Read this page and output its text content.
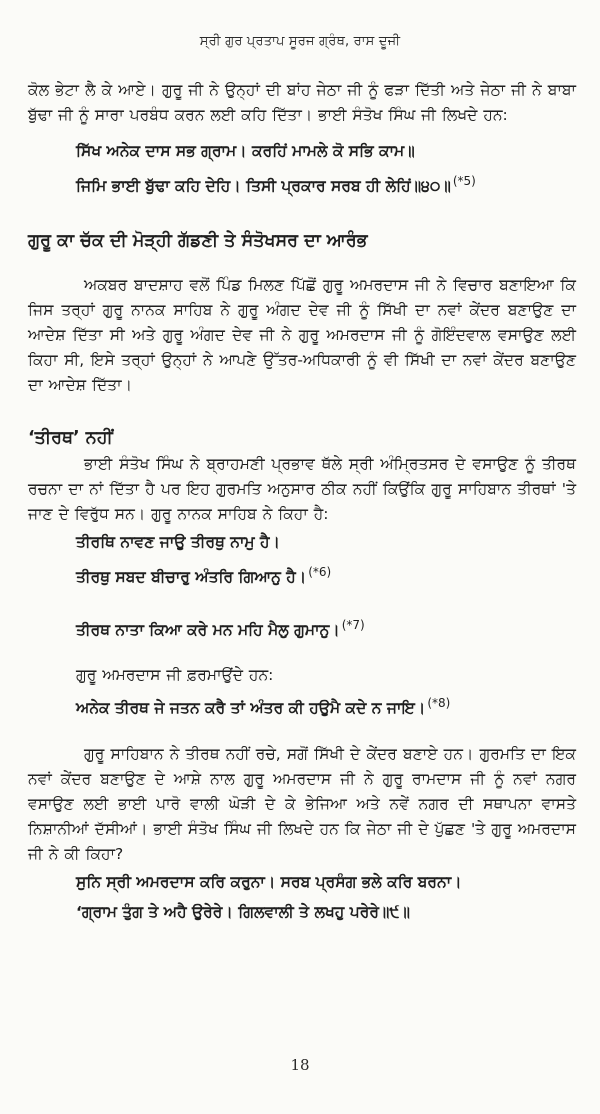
ਸ੍ਰੀ ਗੁਰ ਪ੍ਰਤਾਪ ਸੂਰਜ ਗ੍ਰੰਥ, ਰਾਸ ਦੂਜੀ

ਕੋਲ ਭੇਟਾ ਲੈ ਕੇ ਆਏ। ਗੁਰੂ ਜੀ ਨੇ ਉਨ੍ਹਾਂ ਦੀ ਬਾਂਹ ਜੇਠਾ ਜੀ ਨੂੰ ਫੜਾ ਦਿੱਤੀ ਅਤੇ ਜੇਠਾ ਜੀ ਨੇ ਬਾਬਾ ਬੁੱਢਾ ਜੀ ਨੂੰ ਸਾਰਾ ਪਰਬੰਧ ਕਰਨ ਲਈ ਕਹਿ ਦਿੱਤਾ। ਭਾਈ ਸੰਤੋਖ ਸਿੰਘ ਜੀ ਲਿਖਦੇ ਹਨ:

ਸਿੱਖ ਅਨੇਕ ਦਾਸ ਸਭ ਗ੍ਰਾਮ। ਕਰਹਿਂ ਮਾਮਲੇ ਕੋ ਸਭਿ ਕਾਮ॥

ਜਿਮਿ ਭਾਈ ਬੁੱਢਾ ਕਹਿ ਦੇਹਿ। ਤਿਸੀ ਪ੍ਰਕਾਰ ਸਰਬ ਹੀ ਲੇਹਿਂ॥੪੦॥ $^{(*5)}$

ਗੁਰੂ ਕਾ ਚੱਕ ਦੀ ਮੋੜ੍ਹੀ ਗੱਡਣੀ ਤੇ ਸੰਤੋਖਸਰ ਦਾ ਆਰੰਭ

ਅਕਬਰ ਬਾਦਸ਼ਾਹ ਵਲੋਂ ਪਿੰਡ ਮਿਲਣ ਪਿੱਛੋਂ ਗੁਰੂ ਅਮਰਦਾਸ ਜੀ ਨੇ ਵਿਚਾਰ ਬਣਾਇਆ ਕਿ ਜਿਸ ਤਰ੍ਹਾਂ ਗੁਰੂ ਨਾਨਕ ਸਾਹਿਬ ਨੇ ਗੁਰੂ ਅੰਗਦ ਦੇਵ ਜੀ ਨੂੰ ਸਿੱਖੀ ਦਾ ਨਵਾਂ ਕੇਂਦਰ ਬਣਾਉਣ ਦਾ ਆਦੇਸ਼ ਦਿੱਤਾ ਸੀ ਅਤੇ ਗੁਰੂ ਅੰਗਦ ਦੇਵ ਜੀ ਨੇ ਗੁਰੂ ਅਮਰਦਾਸ ਜੀ ਨੂੰ ਗੋਇੰਦਵਾਲ ਵਸਾਉਣ ਲਈ ਕਿਹਾ ਸੀ, ਇਸੇ ਤਰ੍ਹਾਂ ਉਨ੍ਹਾਂ ਨੇ ਆਪਣੇ ਉੱਤਰ-ਅਧਿਕਾਰੀ ਨੂੰ ਵੀ ਸਿੱਖੀ ਦਾ ਨਵਾਂ ਕੇਂਦਰ ਬਣਾਉਣ ਦਾ ਆਦੇਸ਼ ਦਿੱਤਾ।

‘ਤੀਰਥ’ ਨਹੀਂ

ਭਾਈ ਸੰਤੋਖ ਸਿੰਘ ਨੇ ਬ੍ਰਾਹਮਣੀ ਪ੍ਰਭਾਵ ਥੱਲੇ ਸ੍ਰੀ ਅੰਮ੍ਰਿਤਸਰ ਦੇ ਵਸਾਉਣ ਨੂੰ ਤੀਰਥ ਰਚਨਾ ਦਾ ਨਾਂ ਦਿੱਤਾ ਹੈ ਪਰ ਇਹ ਗੁਰਮਤਿ ਅਨੁਸਾਰ ਠੀਕ ਨਹੀਂ ਕਿਉਂਕਿ ਗੁਰੂ ਸਾਹਿਬਾਨ ਤੀਰਥਾਂ 'ਤੇ ਜਾਣ ਦੇ ਵਿਰੁੱਧ ਸਨ। ਗੁਰੂ ਨਾਨਕ ਸਾਹਿਬ ਨੇ ਕਿਹਾ ਹੈ:

ਤੀਰਥਿ ਨਾਵਣ ਜਾਉ ਤੀਰਥੁ ਨਾਮੁ ਹੈ।

ਤੀਰਥੁ ਸਬਦ ਬੀਚਾਰੁ ਅੰਤਰਿ ਗਿਆਨੁ ਹੈ। $^{(*6)}$

ਤੀਰਥ ਨਾਤਾ ਕਿਆ ਕਰੇ ਮਨ ਮਹਿ ਮੈਲੁ ਗੁਮਾਨੁ। $^{(*7)}$

ਗੁਰੂ ਅਮਰਦਾਸ ਜੀ ਫ਼ਰਮਾਉਂਦੇ ਹਨ:

ਅਨੇਕ ਤੀਰਥ ਜੇ ਜਤਨ ਕਰੈ ਤਾਂ ਅੰਤਰ ਕੀ ਹਉਮੈ ਕਦੇ ਨ ਜਾਇ। $^{(*8)}$

ਗੁਰੂ ਸਾਹਿਬਾਨ ਨੇ ਤੀਰਥ ਨਹੀਂ ਰਚੇ, ਸਗੋਂ ਸਿੱਖੀ ਦੇ ਕੇਂਦਰ ਬਣਾਏ ਹਨ। ਗੁਰਮਤਿ ਦਾ ਇਕ ਨਵਾਂ ਕੇਂਦਰ ਬਣਾਉਣ ਦੇ ਆਸ਼ੇ ਨਾਲ ਗੁਰੂ ਅਮਰਦਾਸ ਜੀ ਨੇ ਗੁਰੂ ਰਾਮਦਾਸ ਜੀ ਨੂੰ ਨਵਾਂ ਨਗਰ ਵਸਾਉਣ ਲਈ ਭਾਈ ਪਾਰੋ ਵਾਲੀ ਘੋੜੀ ਦੇ ਕੇ ਭੇਜਿਆ ਅਤੇ ਨਵੇਂ ਨਗਰ ਦੀ ਸਥਾਪਨਾ ਵਾਸਤੇ ਨਿਸ਼ਾਨੀਆਂ ਦੱਸੀਆਂ। ਭਾਈ ਸੰਤੋਖ ਸਿੰਘ ਜੀ ਲਿਖਦੇ ਹਨ ਕਿ ਜੇਠਾ ਜੀ ਦੇ ਪੁੱਛਣ 'ਤੇ ਗੁਰੂ ਅਮਰਦਾਸ ਜੀ ਨੇ ਕੀ ਕਿਹਾ?

ਸੁਨਿ ਸ੍ਰੀ ਅਮਰਦਾਸ ਕਰਿ ਕਰੁਨਾ। ਸਰਬ ਪ੍ਰਸੰਗ ਭਲੇ ਕਰਿ ਬਰਨਾ।

‘ਗ੍ਰਾਮ ਤੁੰਗ ਤੇ ਅਹੈ ਉਰੇਰੇ। ਗਿਲਵਾਲੀ ਤੇ ਲਖਹੁ ਪਰੇਰੇ॥੯॥

18
